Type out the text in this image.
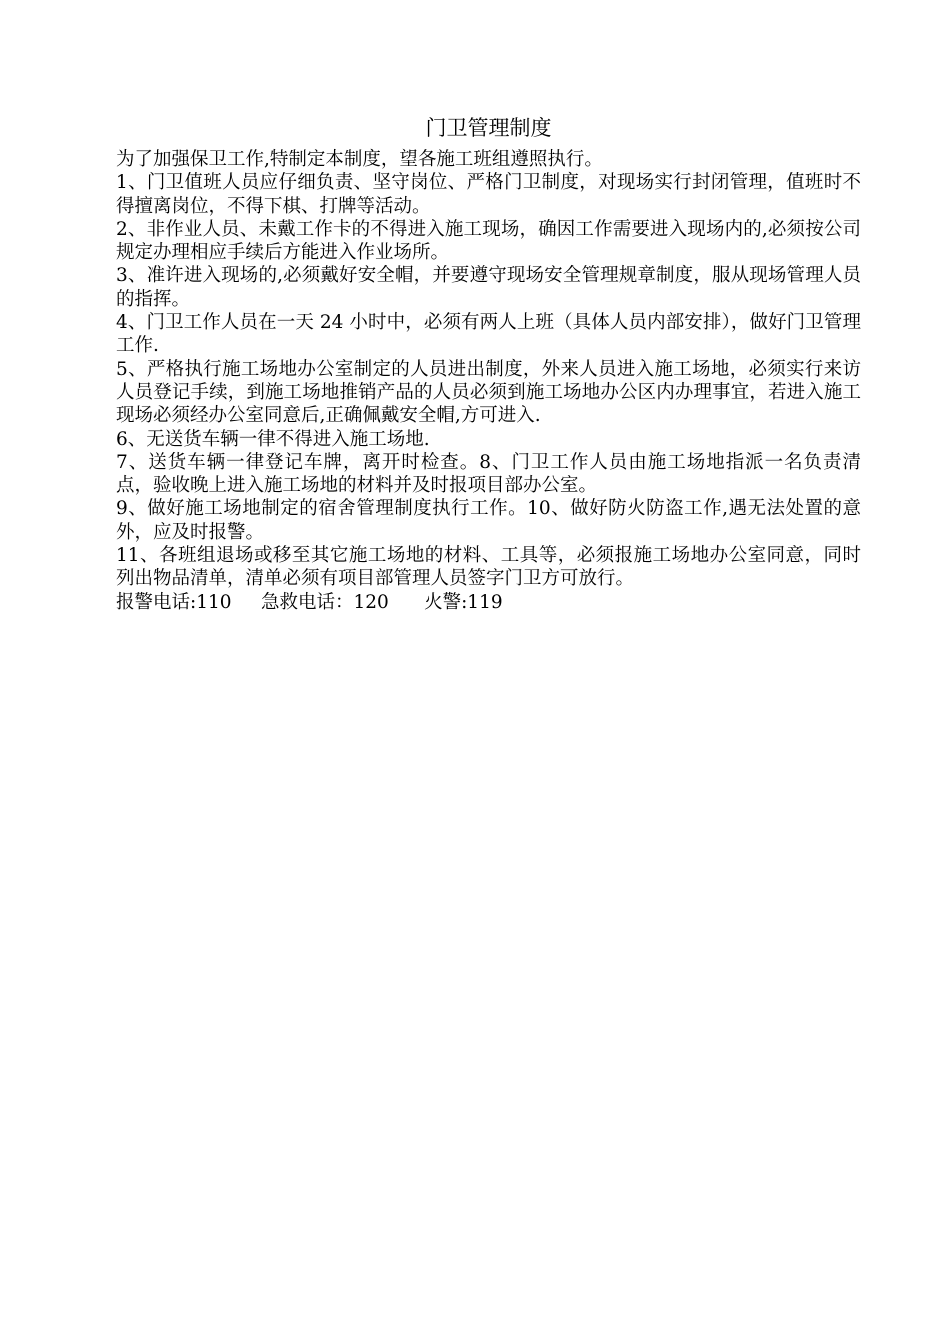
门卫管理制度

为了加强保卫工作,特制定本制度，望各施工班组遵照执行。

1、门卫值班人员应仔细负责、坚守岗位、严格门卫制度，对现场实行封闭管理，值班时不得擅离岗位，不得下棋、打牌等活动。

2、非作业人员、未戴工作卡的不得进入施工现场，确因工作需要进入现场内的,必须按公司规定办理相应手续后方能进入作业场所。

3、准许进入现场的,必须戴好安全帽，并要遵守现场安全管理规章制度，服从现场管理人员的指挥。

4、门卫工作人员在一天 24 小时中，必须有两人上班（具体人员内部安排），做好门卫管理工作.

5、严格执行施工场地办公室制定的人员进出制度，外来人员进入施工场地，必须实行来访人员登记手续，到施工场地推销产品的人员必须到施工场地办公区内办理事宜，若进入施工现场必须经办公室同意后,正确佩戴安全帽,方可进入.

6、无送货车辆一律不得进入施工场地.

7、送货车辆一律登记车牌，离开时检查。8、门卫工作人员由施工场地指派一名负责清点，验收晚上进入施工场地的材料并及时报项目部办公室。

9、做好施工场地制定的宿舍管理制度执行工作。10、做好防火防盗工作,遇无法处置的意外，应及时报警。

11、各班组退场或移至其它施工场地的材料、工具等，必须报施工场地办公室同意，同时列出物品清单，清单必须有项目部管理人员签字门卫方可放行。

报警电话:110 急救电话：120 火警:119
